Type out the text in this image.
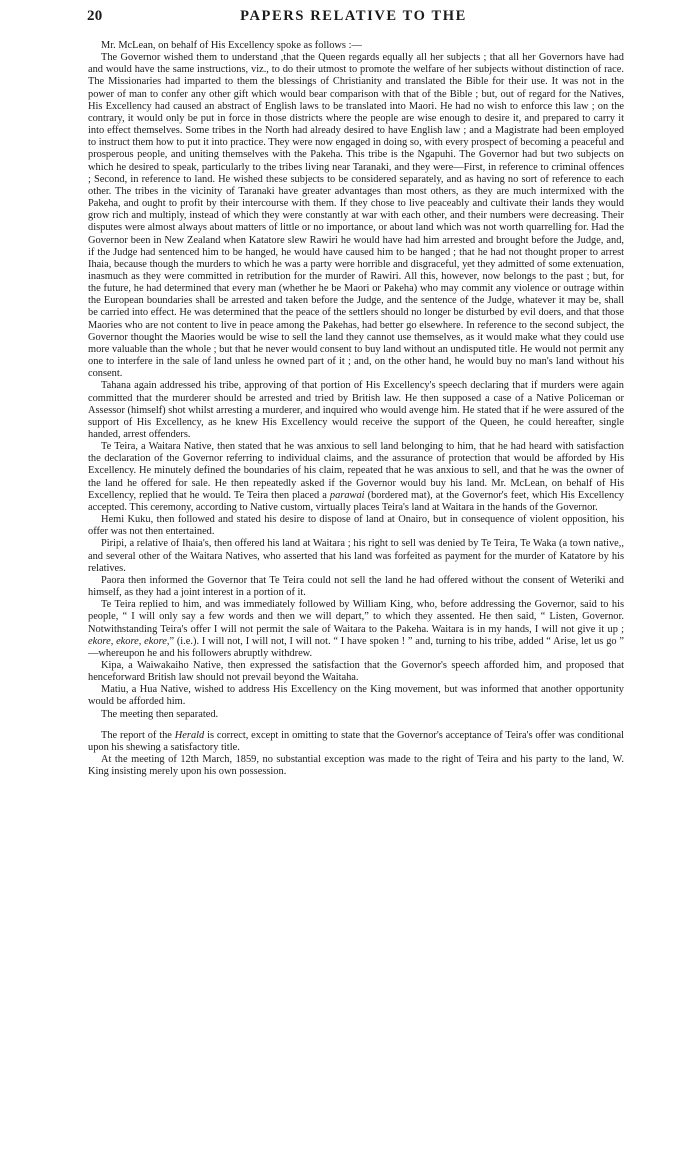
20	PAPERS RELATIVE TO THE

Mr. McLean, on behalf of His Excellency spoke as follows :—

The Governor wished them to understand ,that the Queen regards equally all her subjects ; that all her Governors have had and would have the same instructions, viz., to do their utmost to promote the welfare of her subjects without distinction of race. The Missionaries had imparted to them the blessings of Christianity and translated the Bible for their use. It was not in the power of man to confer any other gift which would bear comparison with that of the Bible ; but, out of regard for the Natives, His Excellency had caused an abstract of English laws to be translated into Maori. He had no wish to enforce this law ; on the contrary, it would only be put in force in those districts where the people are wise enough to desire it, and prepared to carry it into effect themselves. Some tribes in the North had already desired to have English law ; and a Magistrate had been employed to instruct them how to put it into practice. They were now engaged in doing so, with every prospect of becoming a peaceful and prosperous people, and uniting themselves with the Pakeha. This tribe is the Ngapuhi. The Governor had but two subjects on which he desired to speak, particularly to the tribes living near Taranaki, and they were—First, in reference to criminal offences ; Second, in reference to land. He wished these subjects to be considered separately, and as having no sort of reference to each other. The tribes in the vicinity of Taranaki have greater advantages than most others, as they are much intermixed with the Pakeha, and ought to profit by their intercourse with them. If they chose to live peaceably and cultivate their lands they would grow rich and multiply, instead of which they were constantly at war with each other, and their numbers were decreasing. Their disputes were almost always about matters of little or no importance, or about land which was not worth quarrelling for. Had the Governor been in New Zealand when Katatore slew Rawiri he would have had him arrested and brought before the Judge, and, if the Judge had sentenced him to be hanged, he would have caused him to be hanged ; that he had not thought proper to arrest Ihaia, because though the murders to which he was a party were horrible and disgraceful, yet they admitted of some extenuation, inasmuch as they were committed in retribution for the murder of Rawiri. All this, however, now belongs to the past ; but, for the future, he had determined that every man (whether he be Maori or Pakeha) who may commit any violence or outrage within the European boundaries shall be arrested and taken before the Judge, and the sentence of the Judge, whatever it may be, shall be carried into effect. He was determined that the peace of the settlers should no longer be disturbed by evil doers, and that those Maories who are not content to live in peace among the Pakehas, had better go elsewhere. In reference to the second subject, the Governor thought the Maories would be wise to sell the land they cannot use themselves, as it would make what they could use more valuable than the whole ; but that he never would consent to buy land without an undisputed title. He would not permit any one to interfere in the sale of land unless he owned part of it ; and, on the other hand, he would buy no man's land without his consent.

Tahana again addressed his tribe, approving of that portion of His Excellency's speech declaring that if murders were again committed that the murderer should be arrested and tried by British law. He then supposed a case of a Native Policeman or Assessor (himself) shot whilst arresting a murderer, and inquired who would avenge him. He stated that if he were assured of the support of His Excellency, as he knew His Excellency would receive the support of the Queen, he could hereafter, single handed, arrest offenders.

Te Teira, a Waitara Native, then stated that he was anxious to sell land belonging to him, that he had heard with satisfaction the declaration of the Governor referring to individual claims, and the assurance of protection that would be afforded by His Excellency. He minutely defined the boundaries of his claim, repeated that he was anxious to sell, and that he was the owner of the land he offered for sale. He then repeatedly asked if the Governor would buy his land. Mr. McLean, on behalf of His Excellency, replied that he would. Te Teira then placed a parawai (bordered mat), at the Governor's feet, which His Excellency accepted. This ceremony, according to Native custom, virtually places Teira's land at Waitara in the hands of the Governor.

Hemi Kuku, then followed and stated his desire to dispose of land at Onairo, but in consequence of violent opposition, his offer was not then entertained.

Piripi, a relative of Ihaia's, then offered his land at Waitara ; his right to sell was denied by Te Teira, Te Waka (a town native,, and several other of the Waitara Natives, who asserted that his land was forfeited as payment for the murder of Katatore by his relatives.

Paora then informed the Governor that Te Teira could not sell the land he had offered without the consent of Weteriki and himself, as they had a joint interest in a portion of it.

Te Teira replied to him, and was immediately followed by William King, who, before addressing the Governor, said to his people, “ I will only say a few words and then we will depart,” to which they assented. He then said, “ Listen, Governor. Notwithstanding Teira's offer I will not permit the sale of Waitara to the Pakeha. Waitara is in my hands, I will not give it up ; ekore, ekore, ekore,” (i.e.). I will not, I will not, I will not. “ I have spoken ! ” and, turning to his tribe, added “ Arise, let us go ” —whereupon he and his followers abruptly withdrew.

Kipa, a Waiwakaiho Native, then expressed the satisfaction that the Governor's speech afforded him, and proposed that henceforward British law should not prevail beyond the Waitaha.

Matiu, a Hua Native, wished to address His Excellency on the King movement, but was informed that another opportunity would be afforded him.

The meeting then separated.

The report of the Herald is correct, except in omitting to state that the Governor's acceptance of Teira's offer was conditional upon his shewing a satisfactory title.

At the meeting of 12th March, 1859, no substantial exception was made to the right of Teira and his party to the land, W. King insisting merely upon his own possession.
